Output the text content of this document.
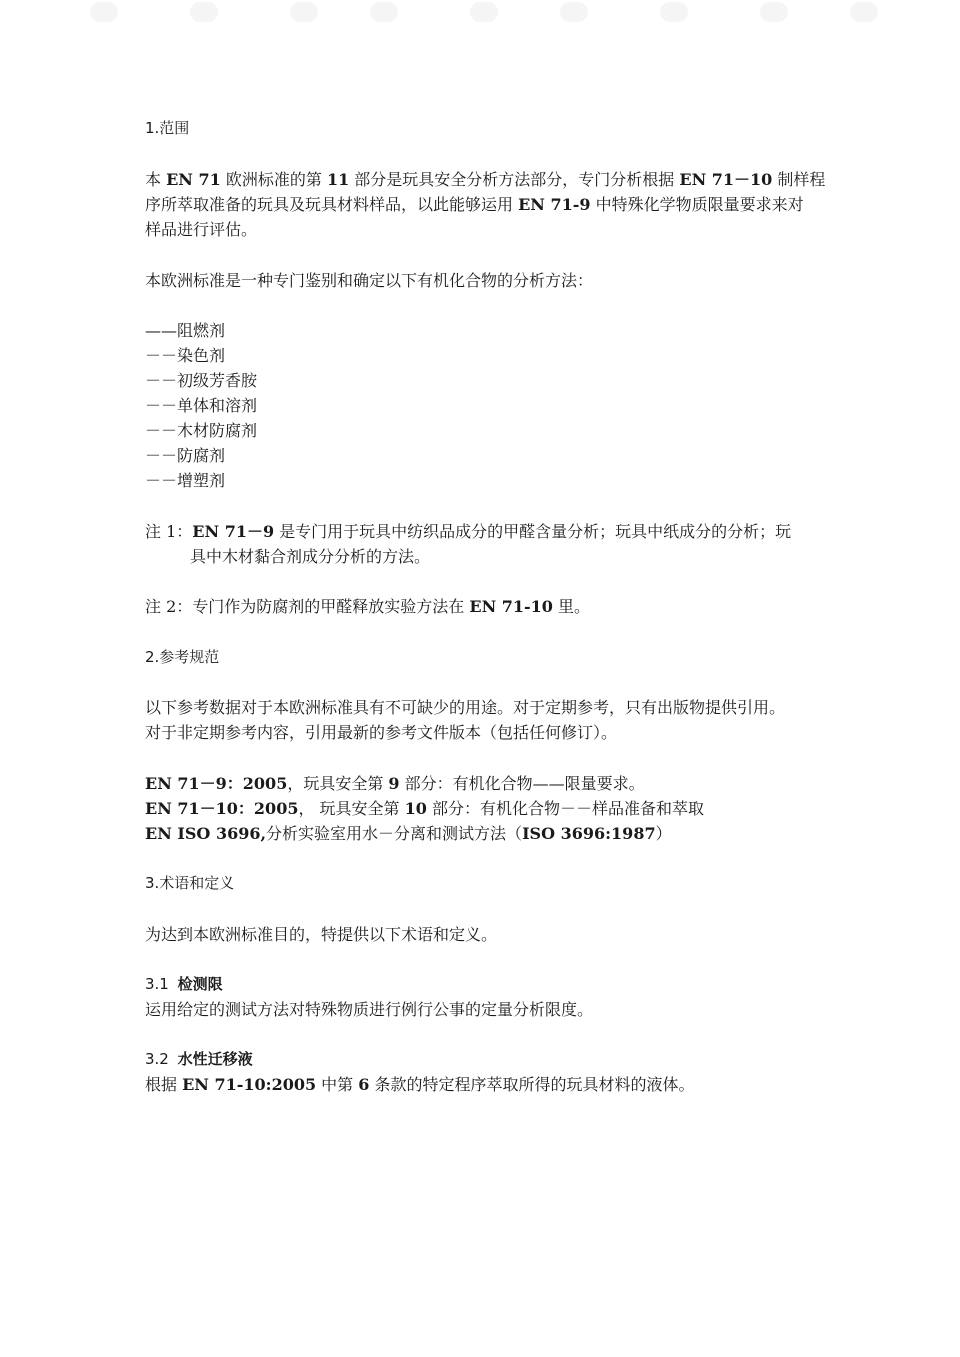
1.范围
本 EN 71 欧洲标准的第 11 部分是玩具安全分析方法部分，专门分析根据 EN 71－10 制样程
序所萃取准备的玩具及玩具材料样品，以此能够运用 EN 71-9 中特殊化学物质限量要求来对
样品进行评估。
本欧洲标准是一种专门鉴别和确定以下有机化合物的分析方法：
——阻燃剂
－－染色剂
－－初级芳香胺
－－单体和溶剂
－－木材防腐剂
－－防腐剂
－－增塑剂
注 1：EN 71－9 是专门用于玩具中纺织品成分的甲醛含量分析；玩具中纸成分的分析；玩
具中木材黏合剂成分分析的方法。
注 2：专门作为防腐剂的甲醛释放实验方法在 EN 71-10 里。
2.参考规范
以下参考数据对于本欧洲标准具有不可缺少的用途。对于定期参考，只有出版物提供引用。
对于非定期参考内容，引用最新的参考文件版本（包括任何修订）。
EN 71－9：2005，玩具安全第 9 部分：有机化合物——限量要求。
EN 71－10：2005， 玩具安全第 10 部分：有机化合物－－样品准备和萃取
EN ISO 3696,分析实验室用水－分离和测试方法（ISO 3696:1987）
3.术语和定义
为达到本欧洲标准目的，特提供以下术语和定义。
3.1 检测限
运用给定的测试方法对特殊物质进行例行公事的定量分析限度。
3.2 水性迁移液
根据 EN 71-10:2005 中第 6 条款的特定程序萃取所得的玩具材料的液体。
